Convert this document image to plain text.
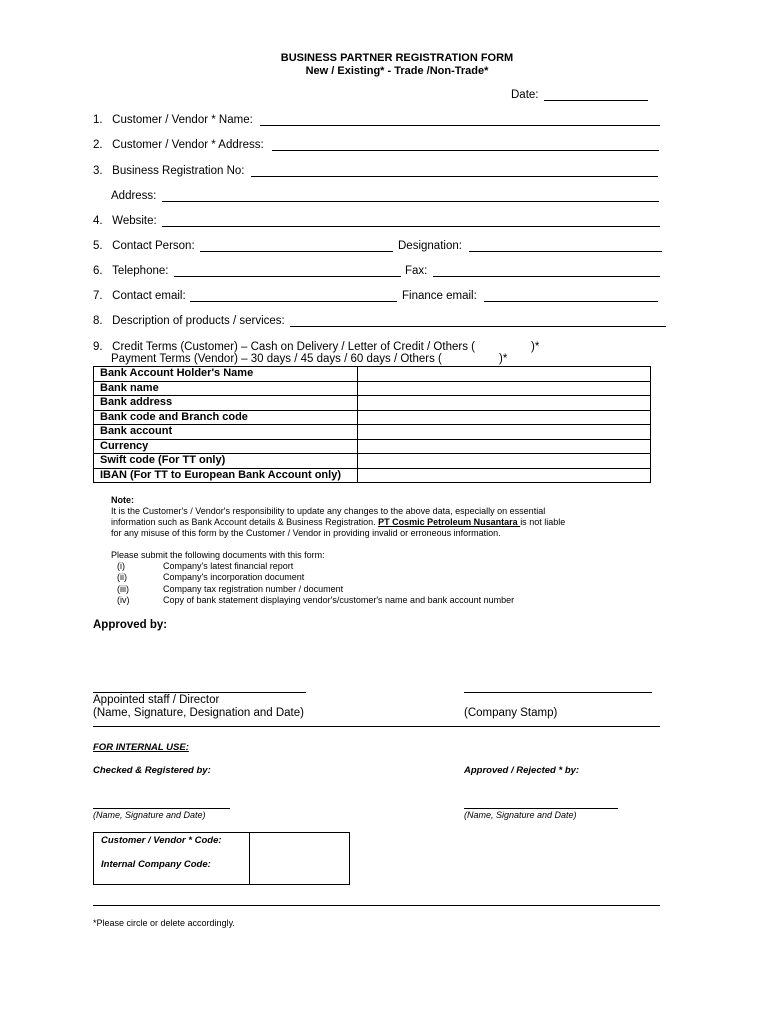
BUSINESS PARTNER REGISTRATION FORM
New / Existing* - Trade /Non-Trade*
Date:
1.   Customer / Vendor * Name:
2.   Customer / Vendor * Address:
3.   Business Registration No:
Address:
4.   Website:
5.   Contact Person:	Designation:
6.   Telephone:	Fax:
7.   Contact email:	Finance email:
8.   Description of products / services:
9.   Credit Terms (Customer) – Cash on Delivery / Letter of Credit / Others (	)*
Payment Terms (Vendor) – 30 days / 45 days / 60 days / Others (	)*
Bank Account Holder's Name	
Bank name	
Bank address	
Bank code and Branch code	
Bank account	
Currency	
Swift code (For TT only)	
IBAN (For TT to European Bank Account only)	
Note:
It is the Customer's / Vendor's responsibility to update any changes to the above data, especially on essential
information such as Bank Account details & Business Registration. PT Cosmic Petroleum Nusantara is not liable
for any misuse of this form by the Customer / Vendor in providing invalid or erroneous information.
Please submit the following documents with this form:
(i)	Company's latest financial report
(ii)	Company's incorporation document
(iii)	Company tax registration number / document
(iv)	Copy of bank statement displaying vendor's/customer's name and bank account number
Approved by:
Appointed staff / Director
(Name, Signature, Designation and Date)	(Company Stamp)
FOR INTERNAL USE:
Checked & Registered by:	Approved / Rejected * by:
(Name, Signature and Date)	(Name, Signature and Date)
Customer / Vendor * Code:
Internal Company Code:
*Please circle or delete accordingly.
